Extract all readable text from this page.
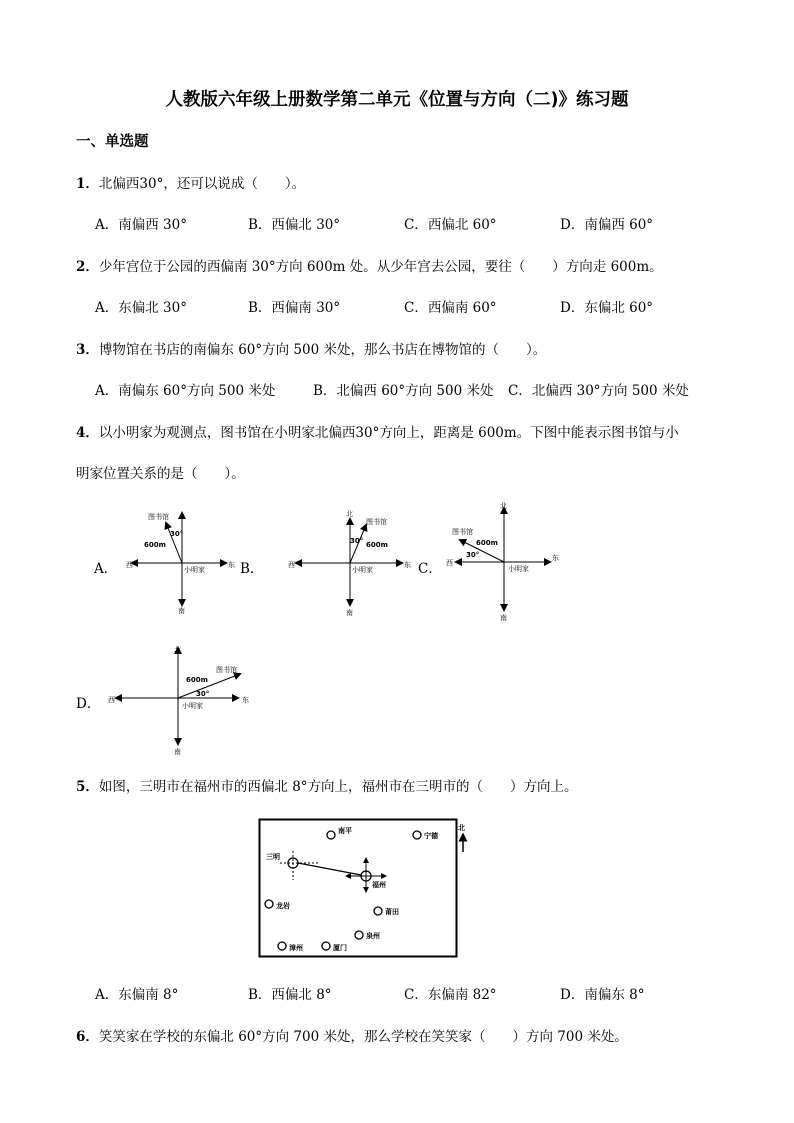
人教版六年级上册数学第二单元《位置与方向（二)》练习题
一、单选题
1．北偏西30°，还可以说成（　　）。
A．南偏西 30°	B．西偏北 30°	C．西偏北 60°	D．南偏西 60°
2．少年宫位于公园的西偏南 30°方向 600m 处。从少年宫去公园，要往（　　）方向走 600m。
A．东偏北 30°	B．西偏南 30°	C．西偏南 60°	D．东偏北 60°
3．博物馆在书店的南偏东 60°方向 500 米处，那么书店在博物馆的（　　）。
A．南偏东 60°方向 500 米处	B．北偏西 60°方向 500 米处 C．北偏西 30°方向 500 米处
4．以小明家为观测点，图书馆在小明家北偏西30°方向上，距离是 600m。下图中能表示图书馆与小
明家位置关系的是（　　）。
A．	B．	C．
D．
西	东
南
小明家
图书馆
600m
30°
北
西	东
南
小明家
图书馆
600m
30°
北
西
东
南
小明家
图书馆
600m
30°
北
西	东
南
小明家
图书馆
600m
30°
5．如图，三明市在福州市的西偏北 8°方向上，福州市在三明市的（　　）方向上。
北
南平
宁德
三明
福州
龙岩
莆田
泉州
漳州	厦门
A．东偏南 8°	B．西偏北 8°	C．东偏南 82°	D．南偏东 8°
6．笑笑家在学校的东偏北 60°方向 700 米处，那么学校在笑笑家（　　）方向 700 米处。
